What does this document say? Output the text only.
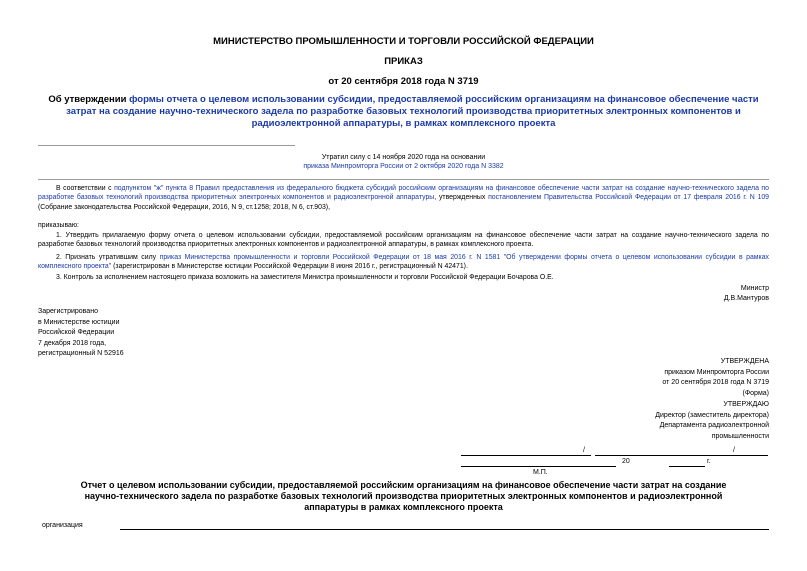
МИНИСТЕРСТВО ПРОМЫШЛЕННОСТИ И ТОРГОВЛИ РОССИЙСКОЙ ФЕДЕРАЦИИ
ПРИКАЗ
от 20 сентября 2018 года N 3719
Об утверждении формы отчета о целевом использовании субсидии, предоставляемой российским организациям на финансовое обеспечение части затрат на создание научно-технического задела по разработке базовых технологий производства приоритетных электронных компонентов и радиоэлектронной аппаратуры, в рамках комплексного проекта
Утратил силу с 14 ноября 2020 года на основании
приказа Минпромторга России от 2 октября 2020 года N 3382
В соответствии с подпунктом "ж" пункта 8 Правил предоставления из федерального бюджета субсидий российским организациям на финансовое обеспечение части затрат на создание научно-технического задела по разработке базовых технологий производства приоритетных электронных компонентов и радиоэлектронной аппаратуры, утвержденных постановлением Правительства Российской Федерации от 17 февраля 2016 г. N 109 (Собрание законодательства Российской Федерации, 2016, N 9, ст.1258; 2018, N 6, ст.903),
приказываю:
1. Утвердить прилагаемую форму отчета о целевом использовании субсидии, предоставляемой российским организациям на финансовое обеспечение части затрат на создание научно-технического задела по разработке базовых технологий производства приоритетных электронных компонентов и радиоэлектронной аппаратуры, в рамках комплексного проекта.
2. Признать утратившим силу приказ Министерства промышленности и торговли Российской Федерации от 18 мая 2016 г. N 1581 "Об утверждении формы отчета о целевом использовании субсидии в рамках комплексного проекта" (зарегистрирован в Министерстве юстиции Российской Федерации 8 июня 2016 г., регистрационный N 42471).
3. Контроль за исполнением настоящего приказа возложить на заместителя Министра промышленности и торговли Российской Федерации Бочарова О.Е.
Министр
Д.В.Мантуров
Зарегистрировано
в Министерстве юстиции
Российской Федерации
7 декабря 2018 года,
регистрационный N 52916
УТВЕРЖДЕНА
приказом Минпромторга России
от 20 сентября 2018 года N 3719
(Форма)
УТВЕРЖДАЮ
Директор (заместитель директора)
Департамента радиоэлектронной
промышленности
/	/
20	г.
М.П.
Отчет о целевом использовании субсидии, предоставляемой российским организациям на финансовое обеспечение части затрат на создание научно-технического задела по разработке базовых технологий производства приоритетных электронных компонентов и радиоэлектронной аппаратуры в рамках комплексного проекта
организация
